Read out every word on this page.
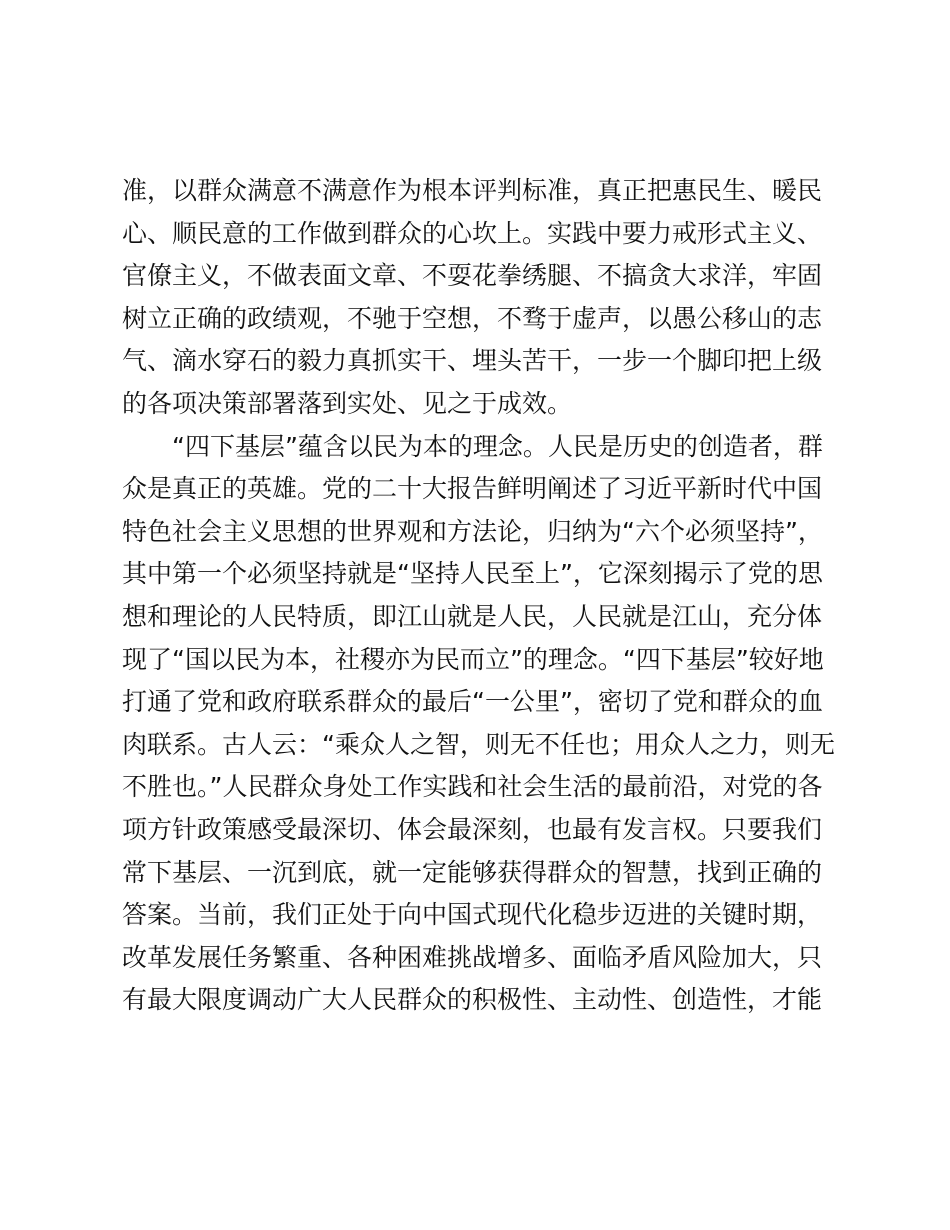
准，以群众满意不满意作为根本评判标准，真正把惠民生、暖民
心、顺民意的工作做到群众的心坎上。实践中要力戒形式主义、
官僚主义，不做表面文章、不耍花拳绣腿、不搞贪大求洋，牢固
树立正确的政绩观，不驰于空想，不骛于虚声，以愚公移山的志
气、滴水穿石的毅力真抓实干、埋头苦干，一步一个脚印把上级
的各项决策部署落到实处、见之于成效。
“四下基层”蕴含以民为本的理念。人民是历史的创造者，群
众是真正的英雄。党的二十大报告鲜明阐述了习近平新时代中国
特色社会主义思想的世界观和方法论，归纳为“六个必须坚持”，
其中第一个必须坚持就是“坚持人民至上”，它深刻揭示了党的思
想和理论的人民特质，即江山就是人民，人民就是江山，充分体
现了“国以民为本，社稷亦为民而立”的理念。“四下基层”较好地
打通了党和政府联系群众的最后“一公里”，密切了党和群众的血
肉联系。古人云：“乘众人之智，则无不任也；用众人之力，则无
不胜也。”人民群众身处工作实践和社会生活的最前沿，对党的各
项方针政策感受最深切、体会最深刻，也最有发言权。只要我们
常下基层、一沉到底，就一定能够获得群众的智慧，找到正确的
答案。当前，我们正处于向中国式现代化稳步迈进的关键时期，
改革发展任务繁重、各种困难挑战增多、面临矛盾风险加大，只
有最大限度调动广大人民群众的积极性、主动性、创造性，才能
